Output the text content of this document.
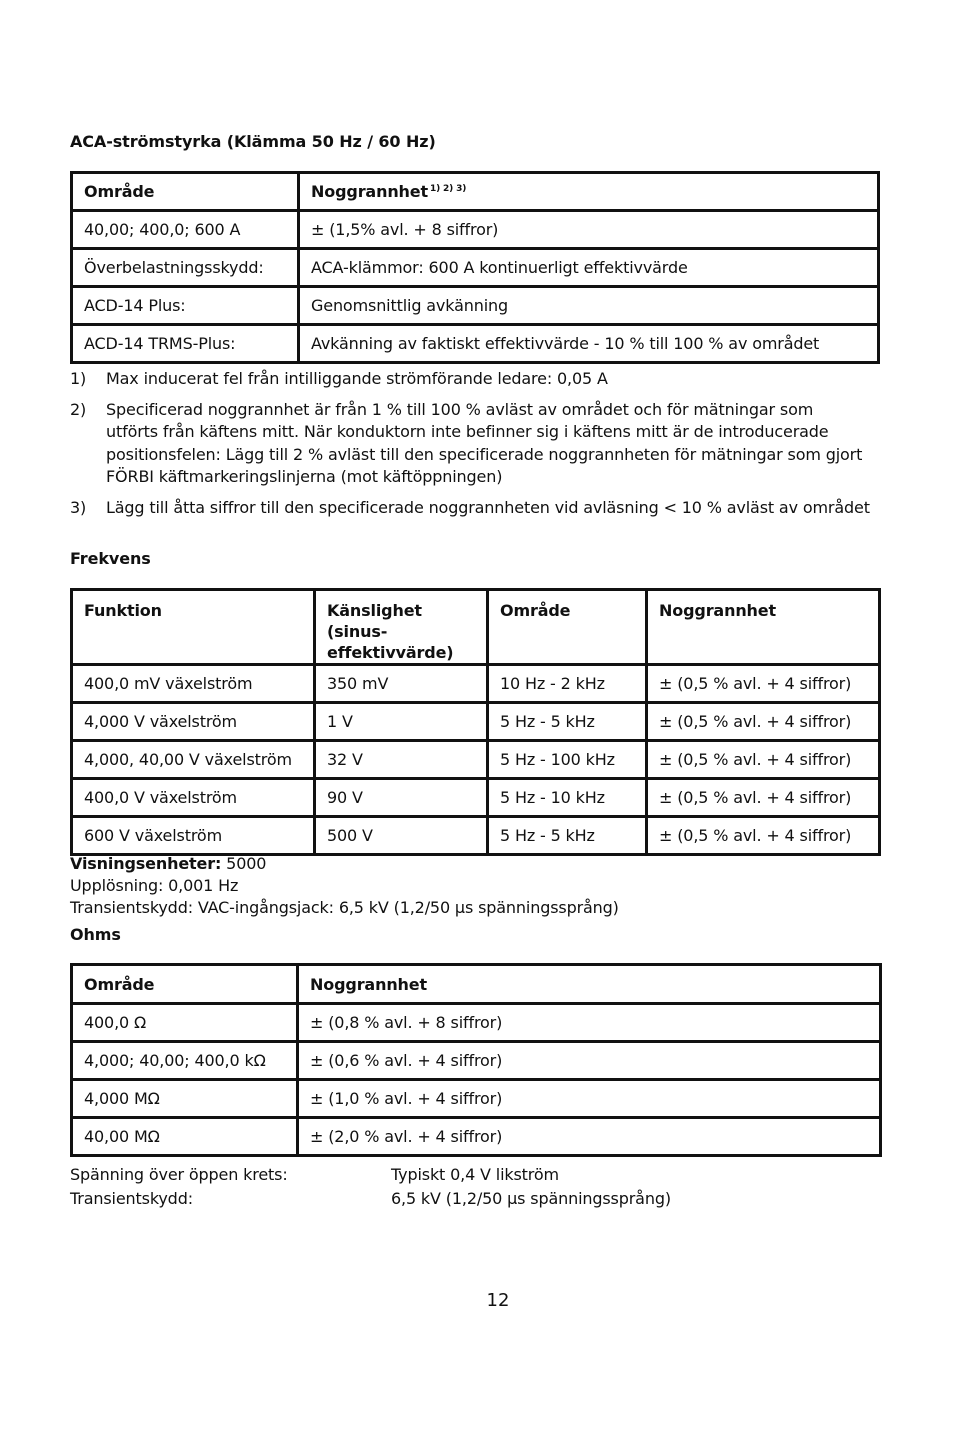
ACA-strömstyrka (Klämma 50 Hz / 60 Hz)
Område	Noggrannhet $^{1) 2) 3)}$
40,00; 400,0; 600 A	± (1,5% avl. + 8 siffror)
Överbelastningsskydd:	ACA-klämmor: 600 A kontinuerligt effektivvärde
ACD-14 Plus:	Genomsnittlig avkänning
ACD-14 TRMS-Plus:	Avkänning av faktiskt effektivvärde - 10 % till 100 % av området
1)	Max inducerat fel från intilliggande strömförande ledare: 0,05 A
2)	Specificerad noggrannhet är från 1 % till 100 % avläst av området och för mätningar som utförts från käftens mitt. När konduktorn inte befinner sig i käftens mitt är de introducerade positionsfelen: Lägg till 2 % avläst till den specificerade noggrannheten för mätningar som gjort FÖRBI käftmarkeringslinjerna (mot käftöppningen)
3)	Lägg till åtta siffror till den specificerade noggrannheten vid avläsning < 10 % avläst av området
Frekvens
Funktion	Känslighet (sinus-effektivvärde)	Område	Noggrannhet
400,0 mV växelström	350 mV	10 Hz - 2 kHz	± (0,5 % avl. + 4 siffror)
4,000 V växelström	1 V	5 Hz - 5 kHz	± (0,5 % avl. + 4 siffror)
4,000, 40,00 V växelström	32 V	5 Hz - 100 kHz	± (0,5 % avl. + 4 siffror)
400,0 V växelström	90 V	5 Hz - 10 kHz	± (0,5 % avl. + 4 siffror)
600 V växelström	500 V	5 Hz - 5 kHz	± (0,5 % avl. + 4 siffror)
Visningsenheter: 5000
Upplösning: 0,001 Hz
Transientskydd: VAC-ingångsjack: 6,5 kV (1,2/50 µs spänningssprång)
Ohms
Område	Noggrannhet
400,0 Ω	± (0,8 % avl. + 8 siffror)
4,000; 40,00; 400,0 kΩ	± (0,6 % avl. + 4 siffror)
4,000 MΩ	± (1,0 % avl. + 4 siffror)
40,00 MΩ	± (2,0 % avl. + 4 siffror)
Spänning över öppen krets:	Typiskt 0,4 V likström
Transientskydd:	6,5 kV (1,2/50 µs spänningssprång)
12
